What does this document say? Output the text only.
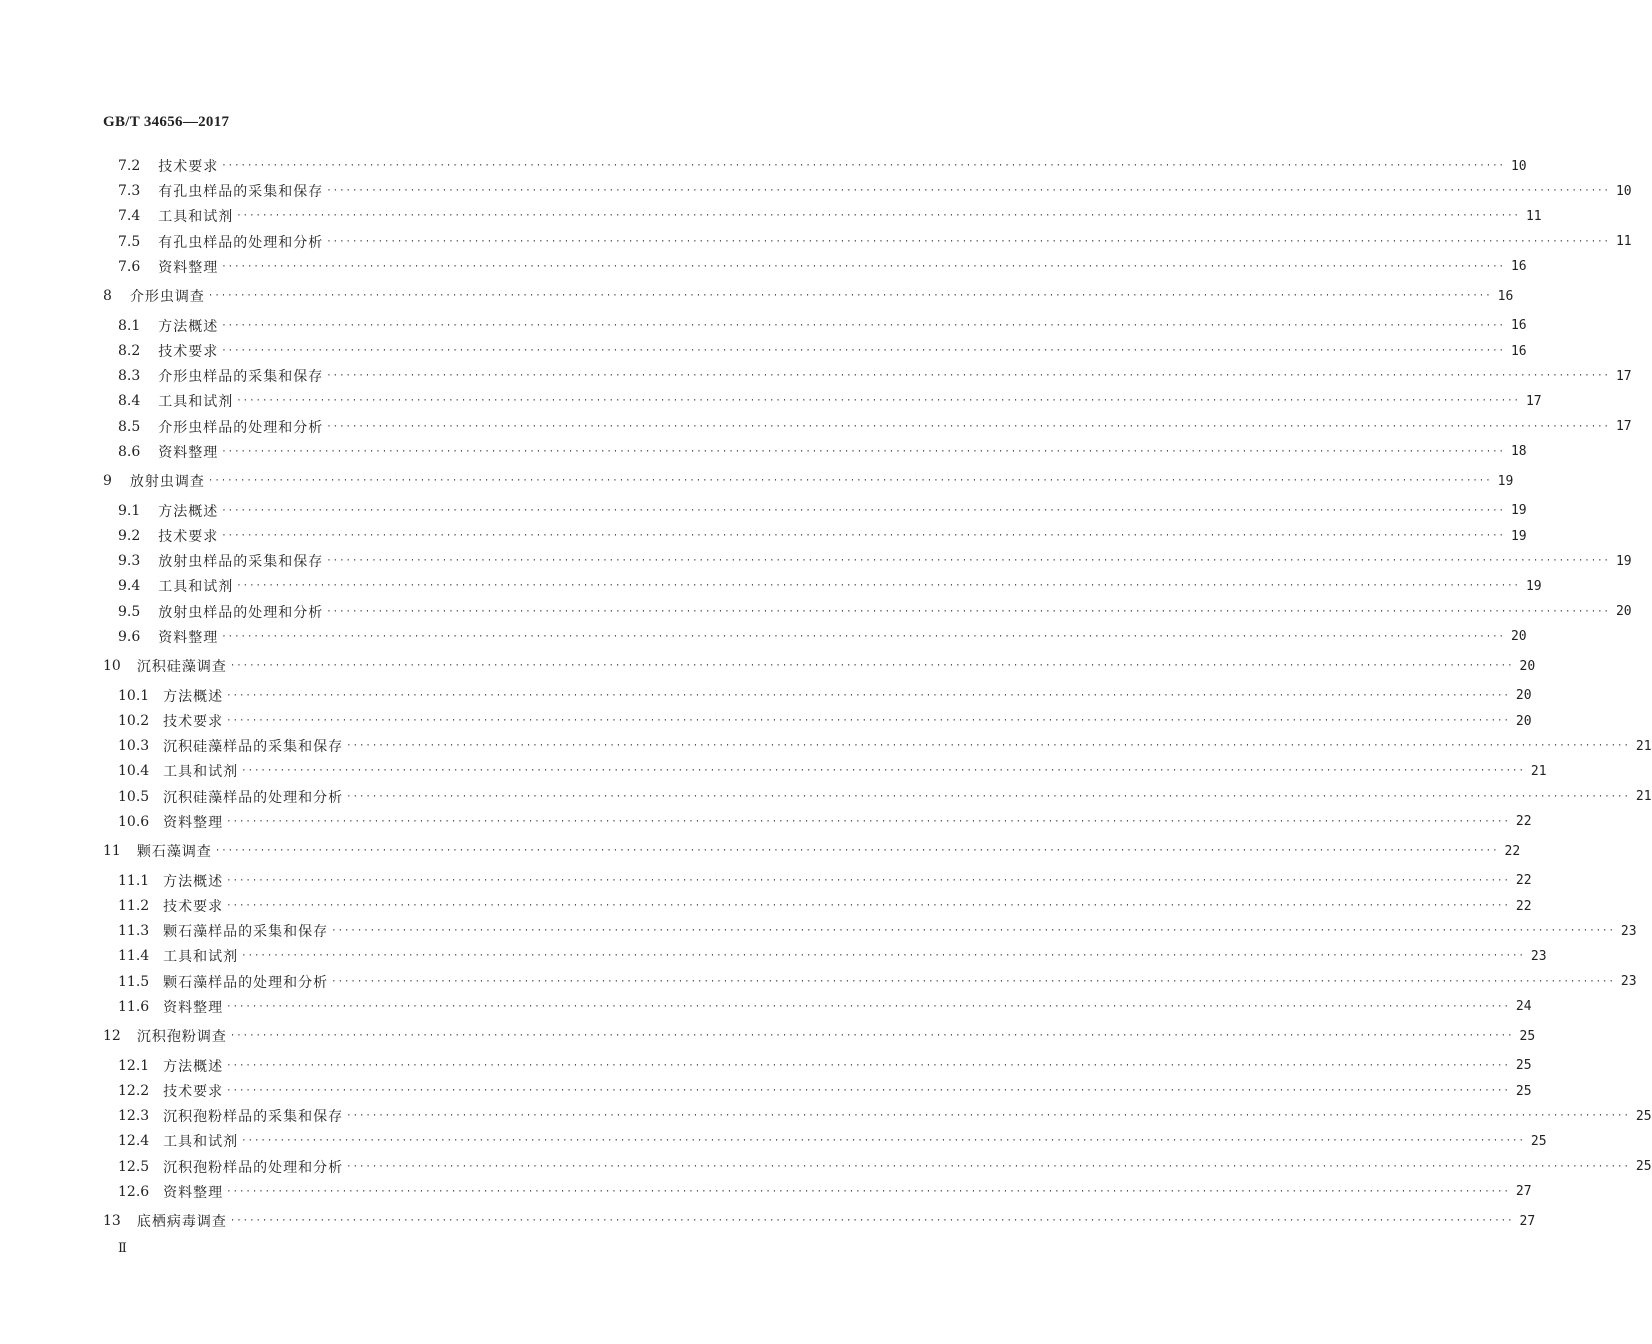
GB/T 34656—2017
7.2 技术要求 ········································································································································································································ 10
7.3 有孔虫样品的采集和保存 ········································································································································································································ 10
7.4 工具和试剂 ········································································································································································································ 11
7.5 有孔虫样品的处理和分析 ········································································································································································································ 11
7.6 资料整理 ········································································································································································································ 16
8 介形虫调查 ········································································································································································································ 16
8.1 方法概述 ········································································································································································································ 16
8.2 技术要求 ········································································································································································································ 16
8.3 介形虫样品的采集和保存 ········································································································································································································ 17
8.4 工具和试剂 ········································································································································································································ 17
8.5 介形虫样品的处理和分析 ········································································································································································································ 17
8.6 资料整理 ········································································································································································································ 18
9 放射虫调查 ········································································································································································································ 19
9.1 方法概述 ········································································································································································································ 19
9.2 技术要求 ········································································································································································································ 19
9.3 放射虫样品的采集和保存 ········································································································································································································ 19
9.4 工具和试剂 ········································································································································································································ 19
9.5 放射虫样品的处理和分析 ········································································································································································································ 20
9.6 资料整理 ········································································································································································································ 20
10 沉积硅藻调查 ········································································································································································································ 20
10.1 方法概述 ········································································································································································································ 20
10.2 技术要求 ········································································································································································································ 20
10.3 沉积硅藻样品的采集和保存 ········································································································································································································ 21
10.4 工具和试剂 ········································································································································································································ 21
10.5 沉积硅藻样品的处理和分析 ········································································································································································································ 21
10.6 资料整理 ········································································································································································································ 22
11 颗石藻调查 ········································································································································································································ 22
11.1 方法概述 ········································································································································································································ 22
11.2 技术要求 ········································································································································································································ 22
11.3 颗石藻样品的采集和保存 ········································································································································································································ 23
11.4 工具和试剂 ········································································································································································································ 23
11.5 颗石藻样品的处理和分析 ········································································································································································································ 23
11.6 资料整理 ········································································································································································································ 24
12 沉积孢粉调查 ········································································································································································································ 25
12.1 方法概述 ········································································································································································································ 25
12.2 技术要求 ········································································································································································································ 25
12.3 沉积孢粉样品的采集和保存 ········································································································································································································ 25
12.4 工具和试剂 ········································································································································································································ 25
12.5 沉积孢粉样品的处理和分析 ········································································································································································································ 25
12.6 资料整理 ········································································································································································································ 27
13 底栖病毒调查 ········································································································································································································ 27
Ⅱ
